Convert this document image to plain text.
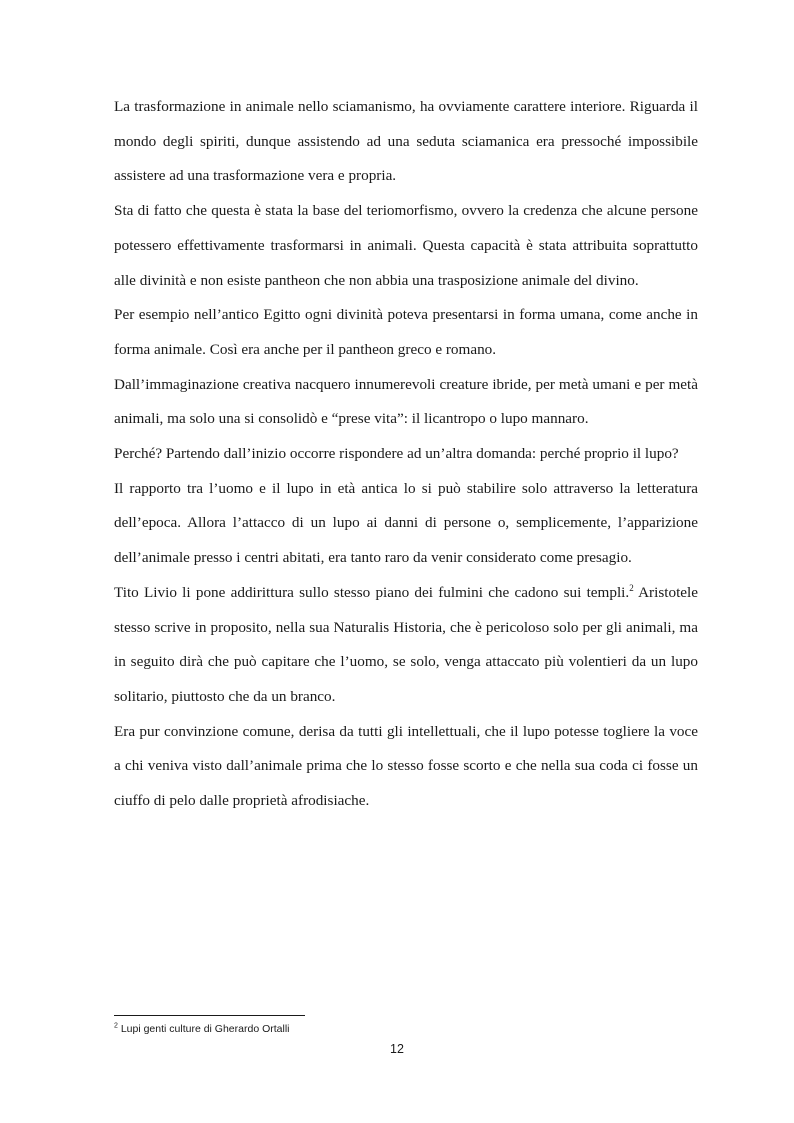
La trasformazione in animale nello sciamanismo, ha ovviamente carattere interiore. Riguarda il mondo degli spiriti, dunque assistendo ad una seduta sciamanica era pressoché impossibile assistere ad una trasformazione vera e propria.

Sta di fatto che questa è stata la base del teriomorfismo, ovvero la credenza che alcune persone potessero effettivamente trasformarsi in animali. Questa capacità è stata attribuita soprattutto alle divinità e non esiste pantheon che non abbia una trasposizione animale del divino.

Per esempio nell’antico Egitto ogni divinità poteva presentarsi in forma umana, come anche in forma animale. Così era anche per il pantheon greco e romano.

Dall’immaginazione creativa nacquero innumerevoli creature ibride, per metà umani e per metà animali, ma solo una si consolidò e “prese vita”: il licantropo o lupo mannaro.

Perché? Partendo dall’inizio occorre rispondere ad un’altra domanda: perché proprio il lupo?

Il rapporto tra l’uomo e il lupo in età antica lo si può stabilire solo attraverso la letteratura dell’epoca. Allora l’attacco di un lupo ai danni di persone o, semplicemente, l’apparizione dell’animale presso i centri abitati, era tanto raro da venir considerato come presagio.

Tito Livio li pone addirittura sullo stesso piano dei fulmini che cadono sui templi.$^2$ Aristotele stesso scrive in proposito, nella sua Naturalis Historia, che è pericoloso solo per gli animali, ma in seguito dirà che può capitare che l’uomo, se solo, venga attaccato più volentieri da un lupo solitario, piuttosto che da un branco.

Era pur convinzione comune, derisa da tutti gli intellettuali, che il lupo potesse togliere la voce a chi veniva visto dall’animale prima che lo stesso fosse scorto e che nella sua coda ci fosse un ciuffo di pelo dalle proprietà afrodisiache.

$^2$ Lupi genti culture di Gherardo Ortalli
12
